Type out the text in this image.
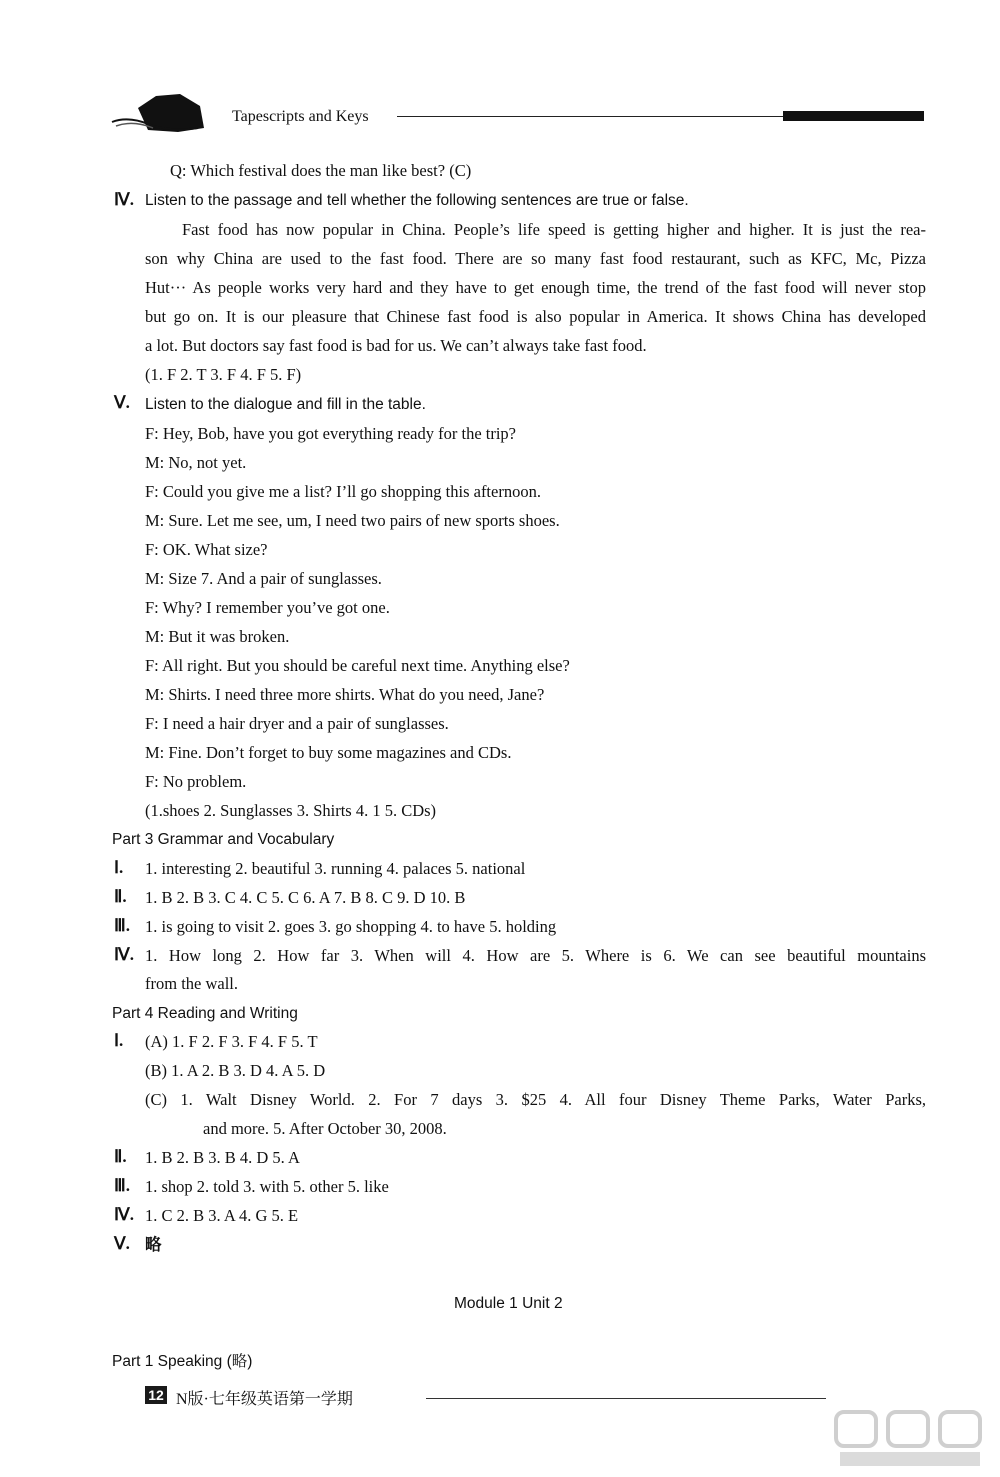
Tapescripts and Keys
Q: Which festival does the man like best? (C)
Ⅳ. Listen to the passage and tell whether the following sentences are true or false.
Fast food has now popular in China. People’s life speed is getting higher and higher. It is just the rea-
son why China are used to the fast food. There are so many fast food restaurant, such as KFC, Mc, Pizza
Hut··· As people works very hard and they have to get enough time, the trend of the fast food will never stop
but go on. It is our pleasure that Chinese fast food is also popular in America. It shows China has developed
a lot. But doctors say fast food is bad for us. We can’t always take fast food.
(1. F 2. T 3. F 4. F 5. F)
Ⅴ. Listen to the dialogue and fill in the table.
F: Hey, Bob, have you got everything ready for the trip?
M: No, not yet.
F: Could you give me a list? I’ll go shopping this afternoon.
M: Sure. Let me see, um, I need two pairs of new sports shoes.
F: OK. What size?
M: Size 7. And a pair of sunglasses.
F: Why? I remember you’ve got one.
M: But it was broken.
F: All right. But you should be careful next time. Anything else?
M: Shirts. I need three more shirts. What do you need, Jane?
F: I need a hair dryer and a pair of sunglasses.
M: Fine. Don’t forget to buy some magazines and CDs.
F: No problem.
(1.shoes 2. Sunglasses 3. Shirts 4. 1 5. CDs)
Part 3 Grammar and Vocabulary
Ⅰ. 1. interesting 2. beautiful 3. running 4. palaces 5. national
Ⅱ. 1. B 2. B 3. C 4. C 5. C 6. A 7. B 8. C 9. D 10. B
Ⅲ. 1. is going to visit 2. goes 3. go shopping 4. to have 5. holding
Ⅳ. 1. How long 2. How far 3. When will 4. How are 5. Where is 6. We can see beautiful mountains
from the wall.
Part 4 Reading and Writing
Ⅰ. (A) 1. F 2. F 3. F 4. F 5. T
(B) 1. A 2. B 3. D 4. A 5. D
(C) 1. Walt Disney World. 2. For 7 days 3. $25 4. All four Disney Theme Parks, Water Parks,
and more. 5. After October 30, 2008.
Ⅱ. 1. B 2. B 3. B 4. D 5. A
Ⅲ. 1. shop 2. told 3. with 5. other 5. like
Ⅳ. 1. C 2. B 3. A 4. G 5. E
Ⅴ. 略
Module 1 Unit 2
Part 1 Speaking (略)
12 N版·七年级英语第一学期
